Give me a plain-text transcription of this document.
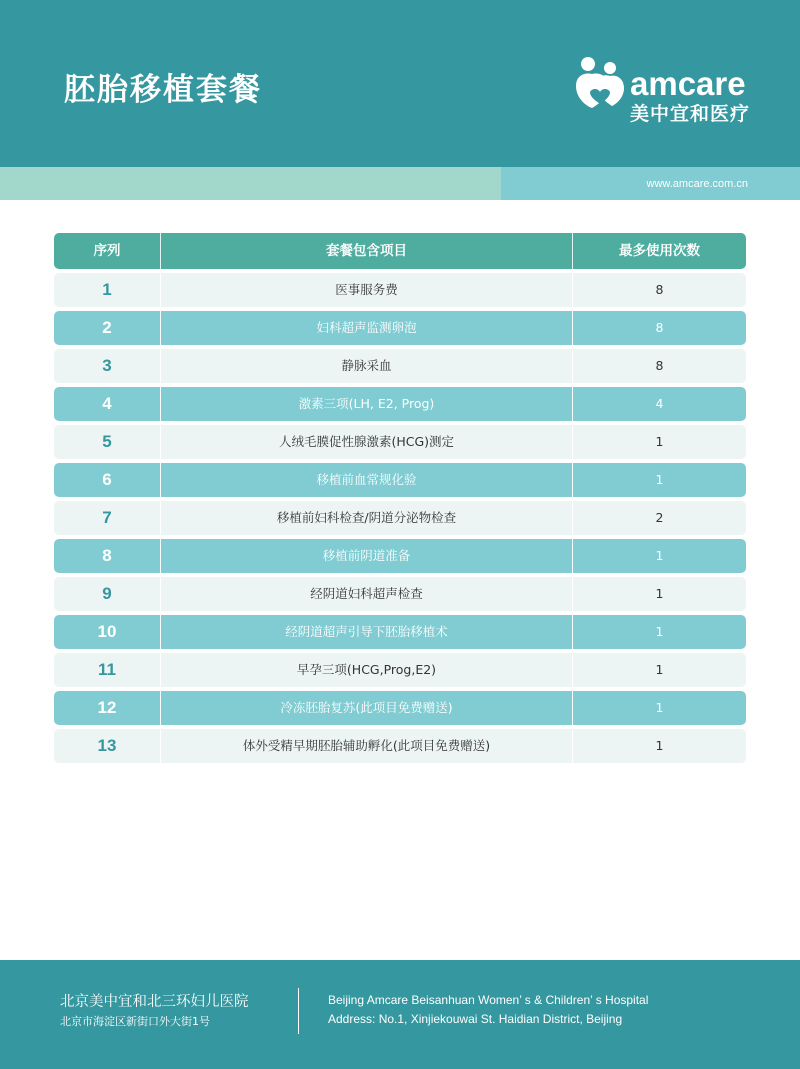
胚胎移植套餐	amcare
美中宜和医疗
www.amcare.com.cn
序列	套餐包含项目	最多使用次数
1	医事服务费	8
2	妇科超声监测卵泡	8
3	静脉采血	8
4	激素三项(LH, E2, Prog)	4
5	人绒毛膜促性腺激素(HCG)测定	1
6	移植前血常规化验	1
7	移植前妇科检查/阴道分泌物检查	2
8	移植前阴道准备	1
9	经阴道妇科超声检查	1
10	经阴道超声引导下胚胎移植术	1
11	早孕三项(HCG,Prog,E2)	1
12	冷冻胚胎复苏(此项目免费赠送)	1
13	体外受精早期胚胎辅助孵化(此项目免费赠送)	1
北京美中宜和北三环妇儿医院
北京市海淀区新街口外大街1号
Beijing Amcare Beisanhuan Women’ s & Children’ s Hospital
Address: No.1, Xinjiekouwai St. Haidian District, Beijing
